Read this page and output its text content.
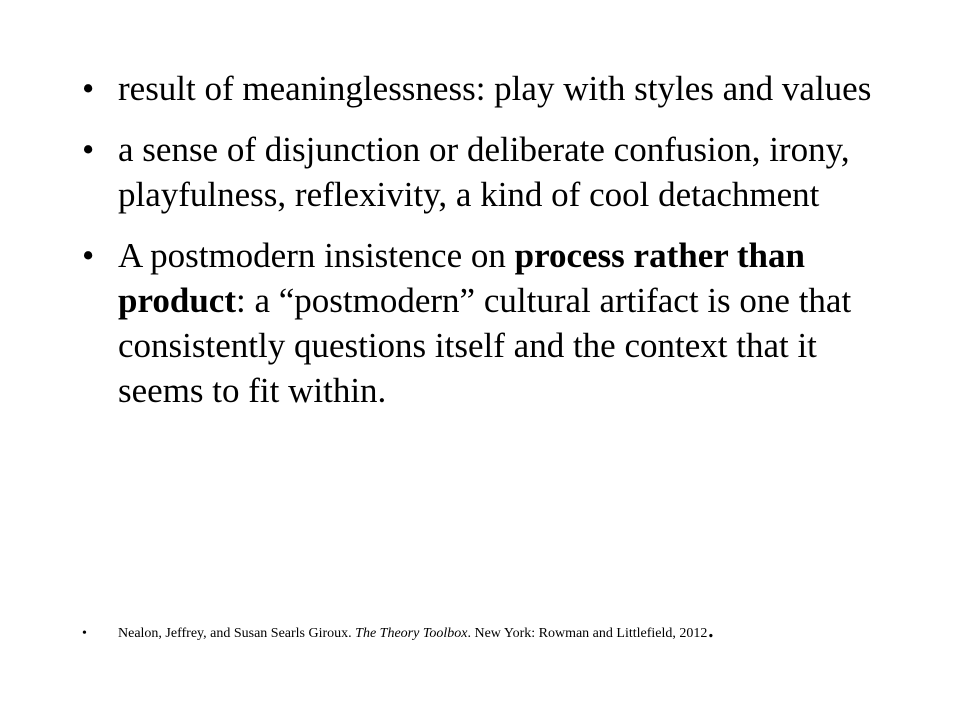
• result of meaninglessness: play with styles and values
• a sense of disjunction or deliberate confusion, irony, playfulness, reflexivity, a kind of cool detachment
• A postmodern insistence on process rather than product: a “postmodern” cultural artifact is one that consistently questions itself and the context that it seems to fit within.
• Nealon, Jeffrey, and Susan Searls Giroux. The Theory Toolbox. New York: Rowman and Littlefield, 2012.
